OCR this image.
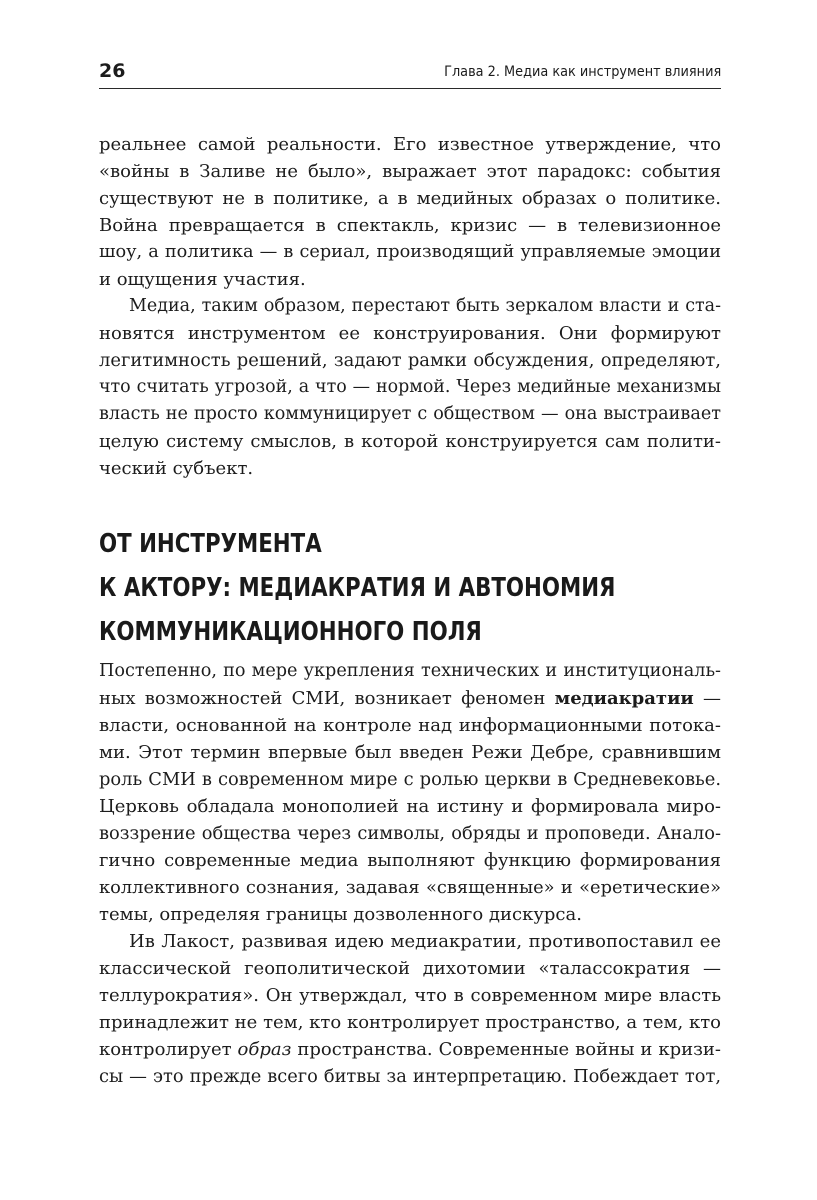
26	Глава 2. Медиа как инструмент влияния
реальнее самой реальности. Его известное утверждение, что
«войны в Заливе не было», выражает этот парадокс: события
существуют не в политике, а в медийных образах о политике.
Война превращается в спектакль, кризис — в телевизионное
шоу, а политика — в сериал, производящий управляемые эмоции
и ощущения участия.
Медиа, таким образом, перестают быть зеркалом власти и ста-
новятся инструментом ее конструирования. Они формируют
легитимность решений, задают рамки обсуждения, определяют,
что считать угрозой, а что — нормой. Через медийные механизмы
власть не просто коммуницирует с обществом — она выстраивает
целую систему смыслов, в которой конструируется сам полити-
ческий субъект.
ОТ ИНСТРУМЕНТА
К АКТОРУ: МЕДИАКРАТИЯ И АВТОНОМИЯ
КОММУНИКАЦИОННОГО ПОЛЯ
Постепенно, по мере укрепления технических и институциональ-
ных возможностей СМИ, возникает феномен медиакратии —
власти, основанной на контроле над информационными потока-
ми. Этот термин впервые был введен Режи Дебре, сравнившим
роль СМИ в современном мире с ролью церкви в Средневековье.
Церковь обладала монополией на истину и формировала миро-
воззрение общества через символы, обряды и проповеди. Анало-
гично современные медиа выполняют функцию формирования
коллективного сознания, задавая «священные» и «еретические»
темы, определяя границы дозволенного дискурса.
Ив Лакост, развивая идею медиакратии, противопоставил ее
классической геополитической дихотомии «талассократия —
теллурократия». Он утверждал, что в современном мире власть
принадлежит не тем, кто контролирует пространство, а тем, кто
контролирует образ пространства. Современные войны и кризи-
сы — это прежде всего битвы за интерпретацию. Побеждает тот,
